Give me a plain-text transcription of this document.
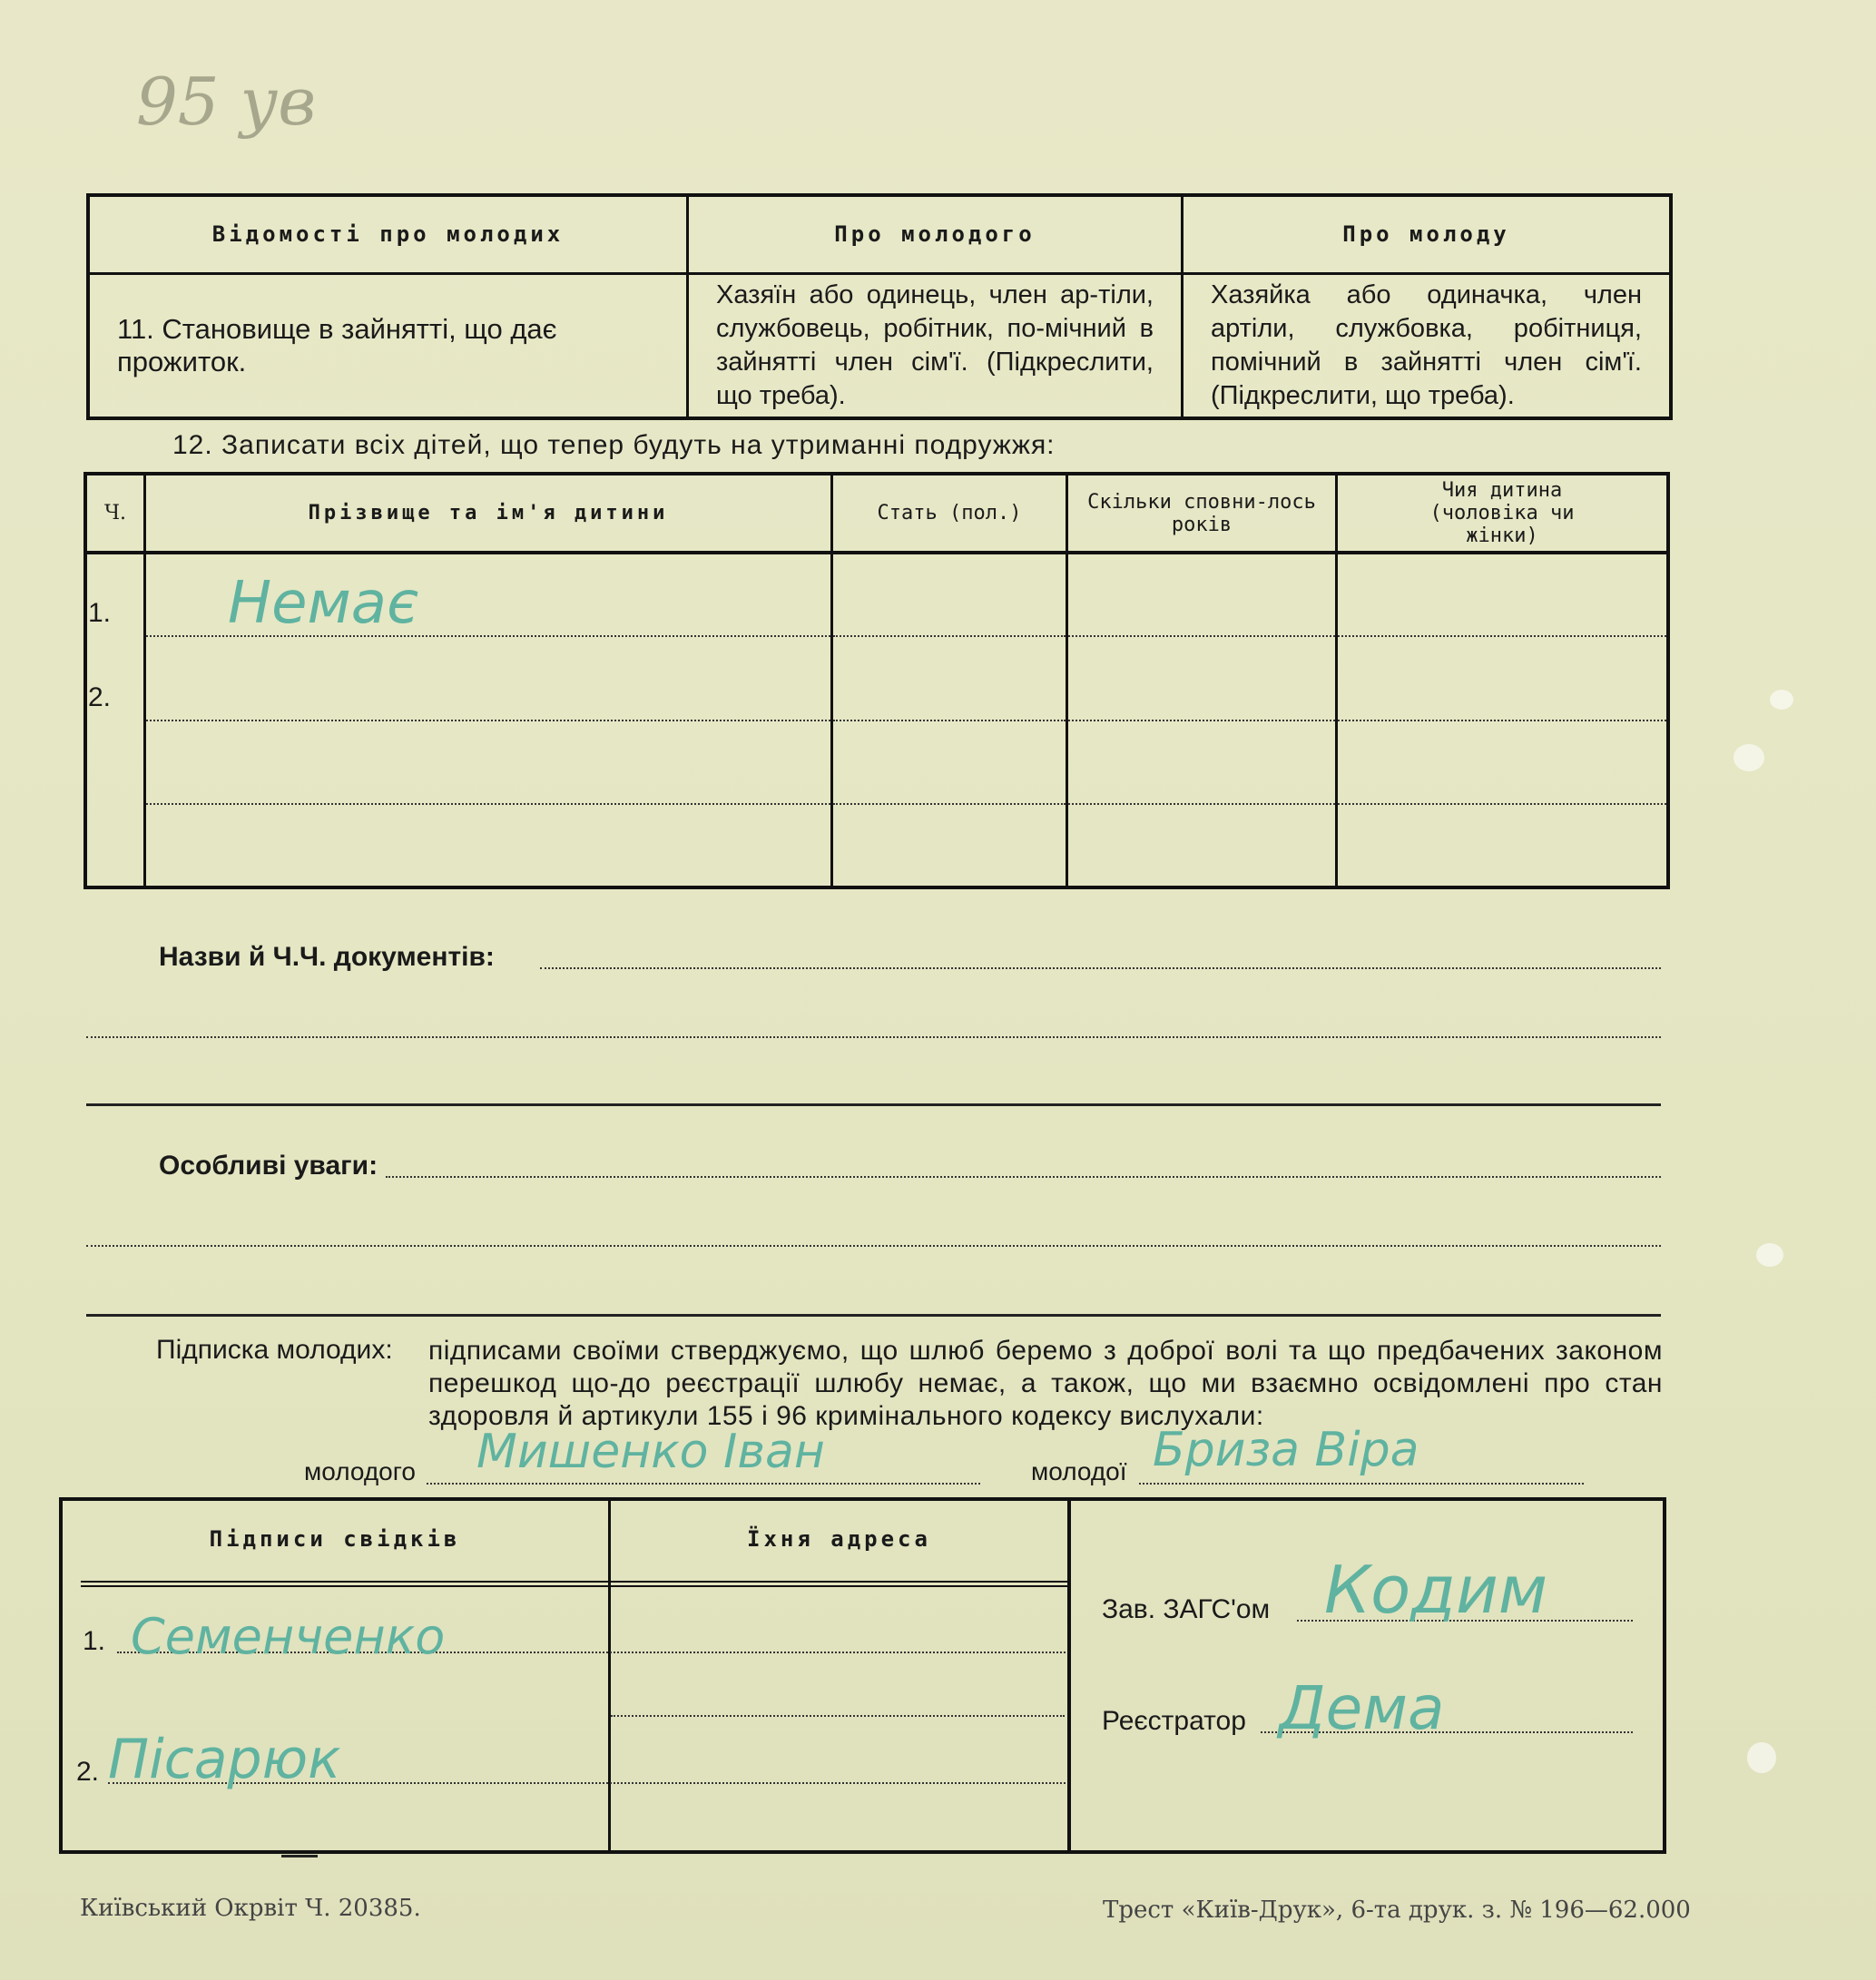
95 ув
Відомості про молодих	Про молодого	Про молоду
11. Становище в зайнятті, що дає прожиток.	Хазяїн або одинець, член ар-тіли, службовець, робітник, по-мічний в зайнятті член сім'ї. (Підкреслити, що треба).	Хазяйка або одиначка, член артіли, службовка, робітниця, помічний в зайнятті член сім'ї. (Підкреслити, що треба).
12. Записати всіх дітей, що тепер будуть на утриманні подружжя:
Ч.	Прізвище та ім'я дитини	Стать (пол.)	Скільки сповни-лось років	Чия дитина (чоловіка чи жінки)
1.	Немає			
2.				

Назви й Ч.Ч. документів:
Особливі уваги:
Підписка молодих: підписами своїми стверджуємо, що шлюб беремо з доброї волі та що предбачених законом перешкод що-до реєстрації шлюбу немає, а також, що ми взаємно освідомлені про стан здоровля й артикули 155 і 96 кримінального кодексу вислухали:
молодого Мишенко Іван	молодої Бриза Віра
Підписи свідків	Їхня адреса
1. Семенченко
2. Пісарюк
Зав. ЗАГС'ом Кодим
Реєстратор Дема
Київський Окрвіт Ч. 20385.	Трест «Київ-Друк», 6-та друк. з. № 196—62.000
